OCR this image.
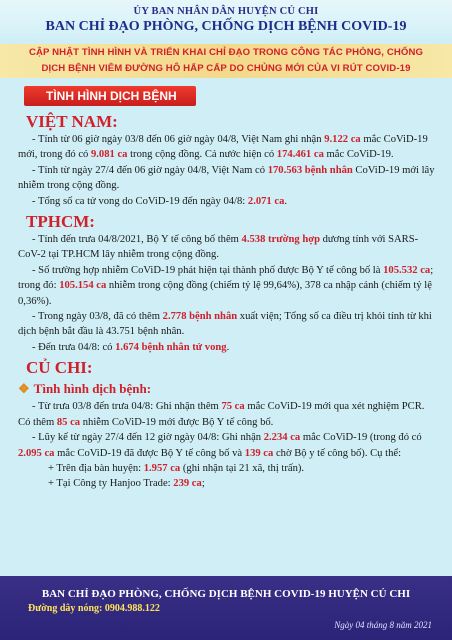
ỦY BAN NHÂN DÂN HUYỆN CỦ CHI
BAN CHỈ ĐẠO PHÒNG, CHỐNG DỊCH BỆNH COVID-19
CẬP NHẬT TÌNH HÌNH VÀ TRIỂN KHAI CHỈ ĐẠO TRONG CÔNG TÁC PHÒNG, CHỐNG
DỊCH BỆNH VIÊM ĐƯỜNG HÔ HẤP CẤP DO CHỦNG MỚI CỦA VI RÚT COVID-19
TÌNH HÌNH DỊCH BỆNH
VIỆT NAM:

- Tính từ 06 giờ ngày 03/8 đến 06 giờ ngày 04/8, Việt Nam ghi nhận 9.122 ca mắc CoViD-19 mới, trong đó có 9.081 ca trong cộng đồng. Cả nước hiện có 174.461 ca mắc CoViD-19.

- Tính từ ngày 27/4 đến 06 giờ ngày 04/8, Việt Nam có 170.563 bệnh nhân CoViD-19 mới lây nhiễm trong cộng đồng.

- Tổng số ca tử vong do CoViD-19 đến ngày 04/8: 2.071 ca.

TPHCM:

- Tính đến trưa 04/8/2021, Bộ Y tế công bố thêm 4.538 trường hợp dương tính với SARS-CoV-2 tại TP.HCM lây nhiễm trong cộng đồng.

- Số trường hợp nhiễm CoViD-19 phát hiện tại thành phố được Bộ Y tế công bố là 105.532 ca; trong đó: 105.154 ca nhiễm trong cộng đồng (chiếm tỷ lệ 99,64%), 378 ca nhập cảnh (chiếm tỷ lệ 0,36%).

- Trong ngày 03/8, đã có thêm 2.778 bệnh nhân xuất viện; Tổng số ca điều trị khỏi tính từ khi dịch bệnh bắt đầu là 43.751 bệnh nhân.

- Đến trưa 04/8: có 1.674 bệnh nhân tử vong.

CỦ CHI:
❖ Tình hình dịch bệnh:

- Từ trưa 03/8 đến trưa 04/8: Ghi nhận thêm 75 ca mắc CoViD-19 mới qua xét nghiệm PCR. Có thêm 85 ca nhiễm CoViD-19 mới được Bộ Y tế công bố.

- Lũy kế từ ngày 27/4 đến 12 giờ ngày 04/8: Ghi nhận 2.234 ca mắc CoViD-19 (trong đó có 2.095 ca mắc CoViD-19 đã được Bộ Y tế công bố và 139 ca chờ Bộ y tế công bố). Cụ thể:

+ Trên địa bàn huyện: 1.957 ca (ghi nhận tại 21 xã, thị trấn).

+ Tại Công ty Hanjoo Trade: 239 ca;

BAN CHỈ ĐẠO PHÒNG, CHỐNG DỊCH BỆNH COVID-19 HUYỆN CỦ CHI
Đường dây nóng: 0904.988.122
Ngày 04 tháng 8 năm 2021
